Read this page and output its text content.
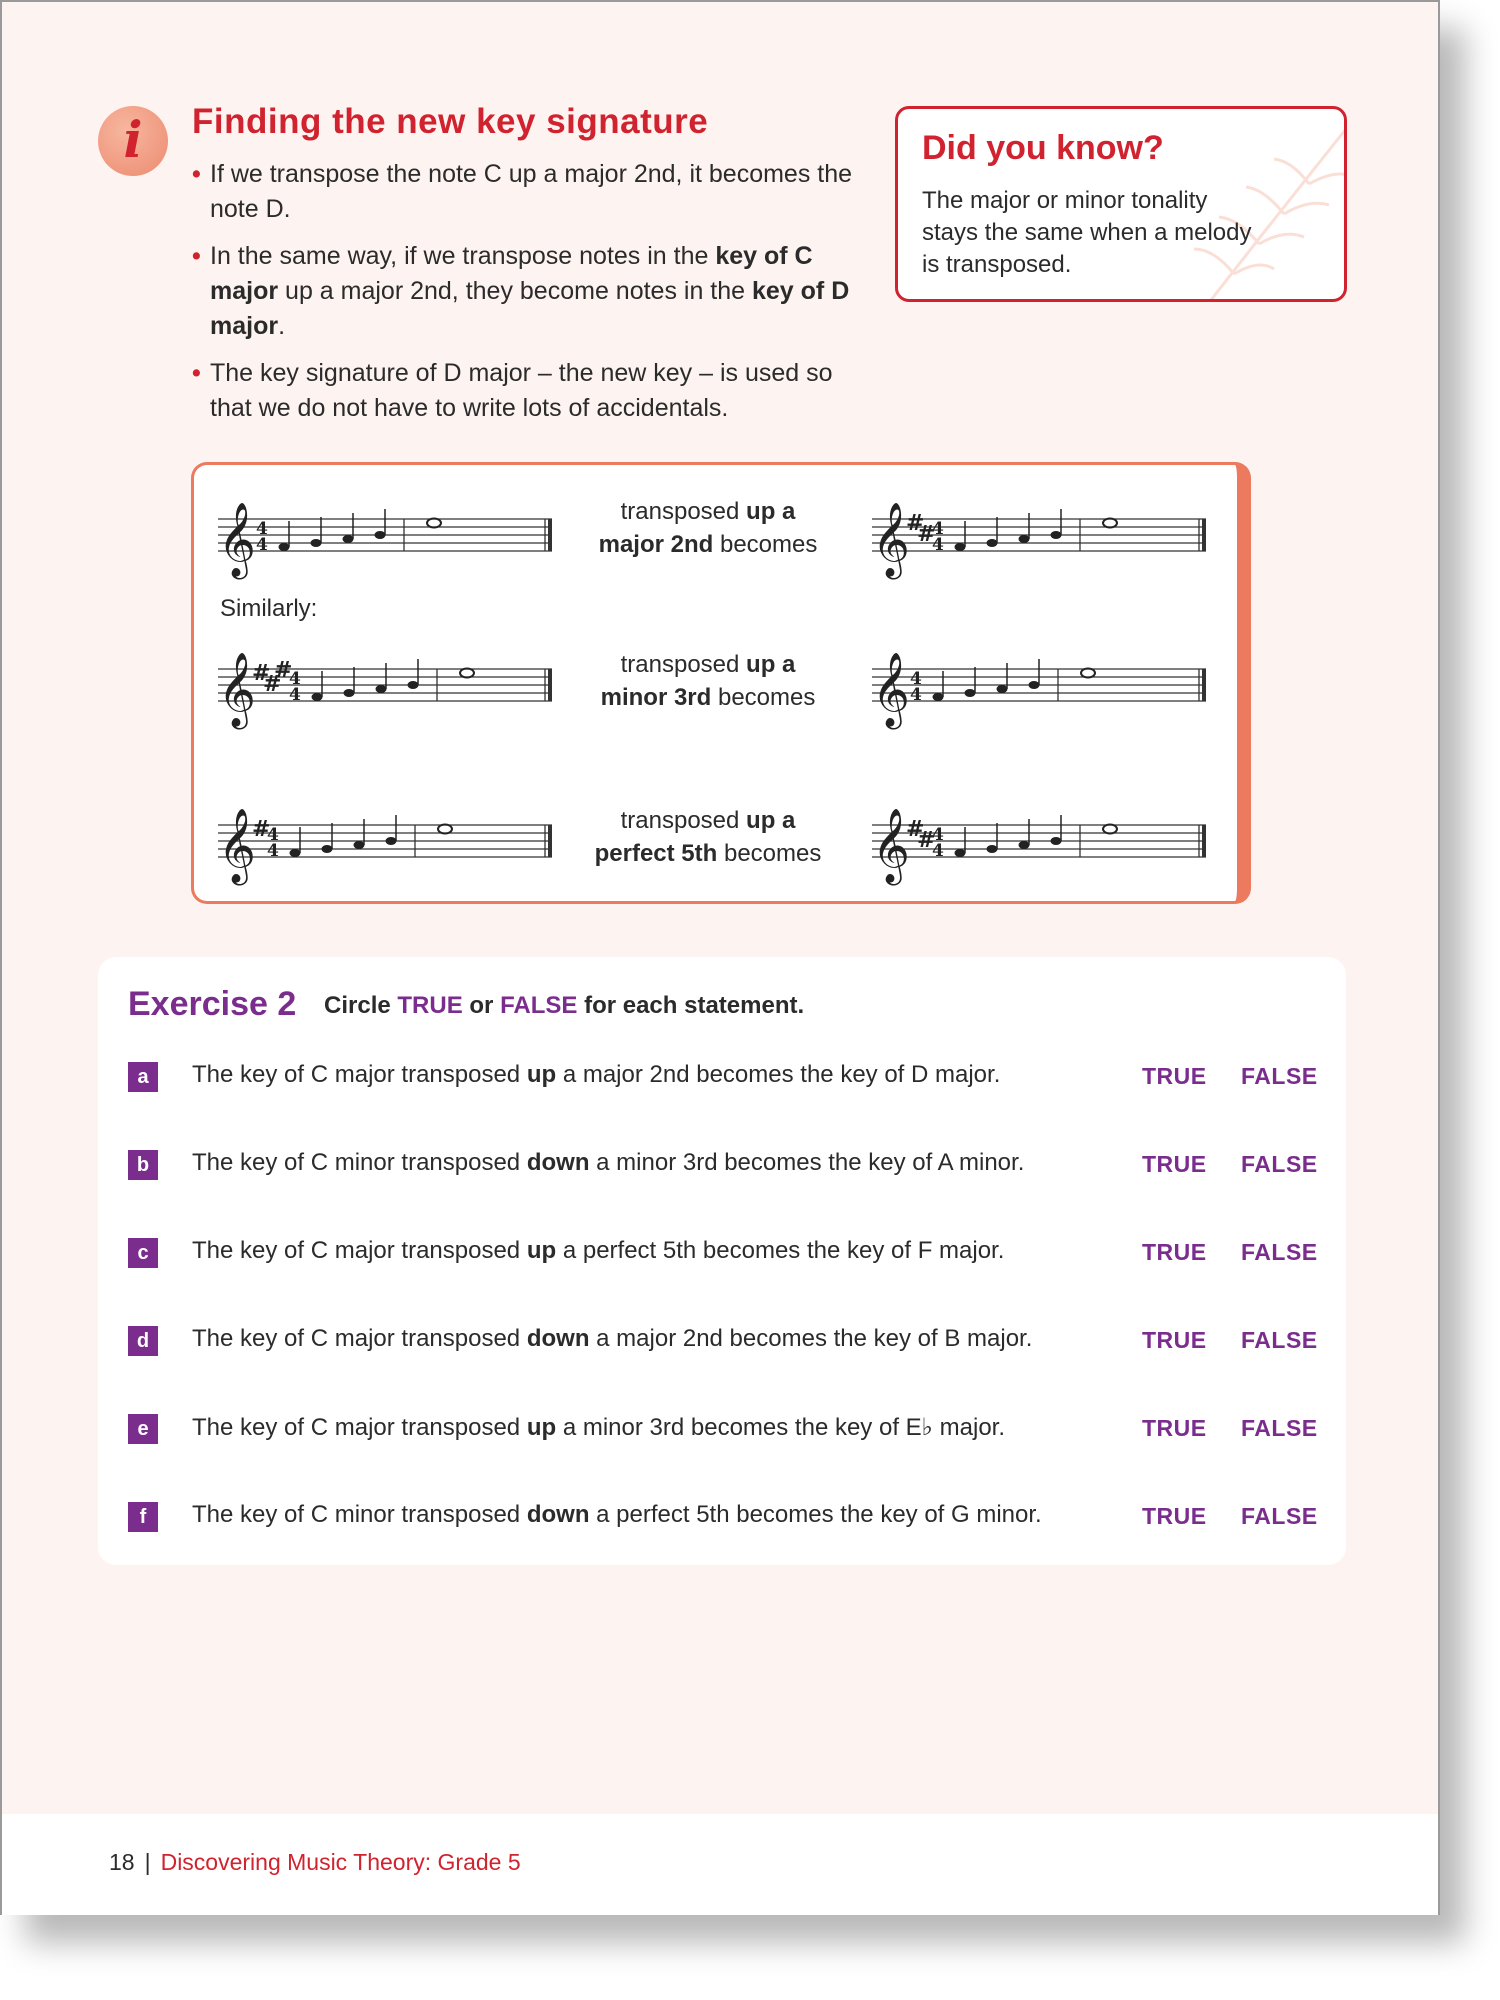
i	Finding the new key signature
• If we transpose the note C up a major 2nd, it becomes the note D.
• In the same way, if we transpose notes in the key of C major up a major 2nd, they become notes in the key of D major.
• The key signature of D major – the new key – is used so that we do not have to write lots of accidentals.
Did you know?

The major or minor tonality stays the same when a melody is transposed.

𝄞 4
4
transposed up a
major 2nd becomes 𝄞
#
#
4
4
Similarly:
𝄞
#
#
#
4
4
transposed up a
minor 3rd becomes 𝄞 4
4
𝄞
#
4
4
transposed up a
perfect 5th becomes 𝄞
#
#
4
4
Exercise 2 Circle TRUE or FALSE for each statement.
a	The key of C major transposed up a major 2nd becomes the key of D major.	TRUE FALSE
b	The key of C minor transposed down a minor 3rd becomes the key of A minor.	TRUE FALSE
c	The key of C major transposed up a perfect 5th becomes the key of F major.	TRUE FALSE
d	The key of C major transposed down a major 2nd becomes the key of B major.	TRUE FALSE
e	The key of C major transposed up a minor 3rd becomes the key of E♭ major.	TRUE FALSE
f	The key of C minor transposed down a perfect 5th becomes the key of G minor.	TRUE FALSE
18 | Discovering Music Theory: Grade 5
